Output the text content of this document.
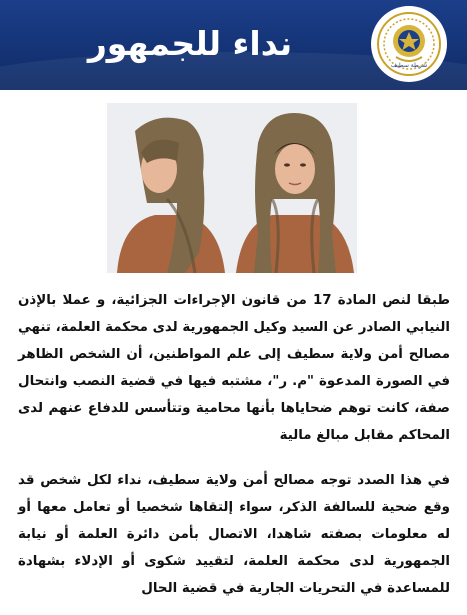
نداء للجمهور
شرطة سطيف
طبقا لنص المادة 17 من قانون الإجراءات الجزائية، و عملا بالإذن النيابي الصادر عن السيد وكيل الجمهورية لدى محكمة العلمة، تنهي مصالح أمن ولاية سطيف إلى علم المواطنين، أن الشخص الظاهر في الصورة المدعوة "م. ر"، مشتبه فيها في قضية النصب وانتحال صفة، كانت توهم ضحاياها بأنها محامية وتتأسس للدفاع عنهم لدى المحاكم مقابل مبالغ مالية
في هذا الصدد توجه مصالح أمن ولاية سطيف، نداء لكل شخص قد وقع ضحية للسالفة الذكر، سواء إلتقاها شخصيا أو تعامل معها أو له معلومات بصفته شاهدا، الاتصال بأمن دائرة العلمة أو نيابة الجمهورية لدى محكمة العلمة، لتقييد شكوى أو الإدلاء بشهادة للمساعدة في التحريات الجارية في قضية الحال
